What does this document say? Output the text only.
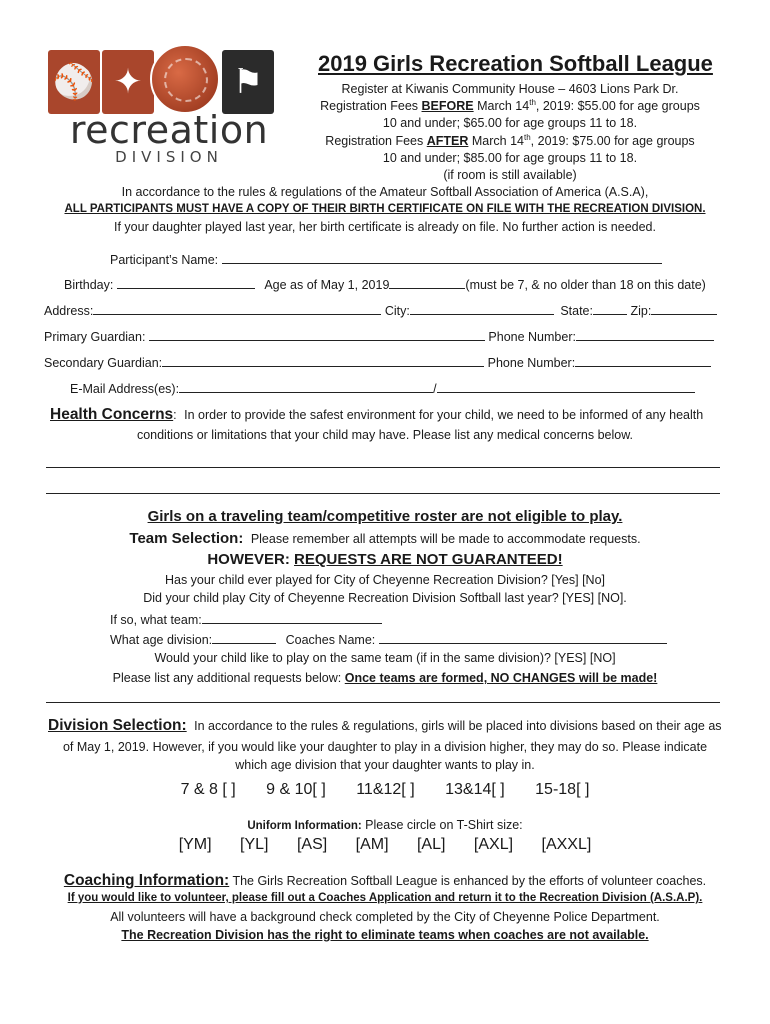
⚾ ✦	⚑
recreation
DIVISION
2019 Girls Recreation Softball League
Register at Kiwanis Community House – 4603 Lions Park Dr.
Registration Fees BEFORE March 14th, 2019: $55.00 for age groups
10 and under; $65.00 for age groups 11 to 18.
Registration Fees AFTER March 14th, 2019: $75.00 for age groups
10 and under; $85.00 for age groups 11 to 18.
(if room is still available)
In accordance to the rules & regulations of the Amateur Softball Association of America (A.S.A),
ALL PARTICIPANTS MUST HAVE A COPY OF THEIR BIRTH CERTIFICATE ON FILE WITH THE RECREATION DIVISION.
If your daughter played last year, her birth certificate is already on file. No further action is needed.
Participant’s Name:
Birthday:	Age as of May 1, 2019	(must be 7, & no older than 18 on this date)
Address:	City:	State:	Zip:
Primary Guardian:	Phone Number:
Secondary Guardian:	Phone Number:
E-Mail Address(es):	/
Health Concerns: In order to provide the safest environment for your child, we need to be informed of any health
conditions or limitations that your child may have. Please list any medical concerns below.
Girls on a traveling team/competitive roster are not eligible to play.
Team Selection: Please remember all attempts will be made to accommodate requests.
HOWEVER: REQUESTS ARE NOT GUARANTEED!
Has your child ever played for City of Cheyenne Recreation Division? [Yes] [No]
Did your child play City of Cheyenne Recreation Division Softball last year? [YES] [NO].
If so, what team:
What age division:	Coaches Name:
Would your child like to play on the same team (if in the same division)? [YES] [NO]
Please list any additional requests below: Once teams are formed, NO CHANGES will be made!
Division Selection: In accordance to the rules & regulations, girls will be placed into divisions based on their age as
of May 1, 2019. However, if you would like your daughter to play in a division higher, they may do so. Please indicate
which age division that your daughter wants to play in.
7 & 8 [ ] 9 & 10[ ] 11&12[ ] 13&14[ ] 15-18[ ]
Uniform Information: Please circle on T-Shirt size:
[YM] [YL] [AS] [AM] [AL] [AXL] [AXXL]
Coaching Information: The Girls Recreation Softball League is enhanced by the efforts of volunteer coaches.
If you would like to volunteer, please fill out a Coaches Application and return it to the Recreation Division (A.S.A.P).
All volunteers will have a background check completed by the City of Cheyenne Police Department.
The Recreation Division has the right to eliminate teams when coaches are not available.
